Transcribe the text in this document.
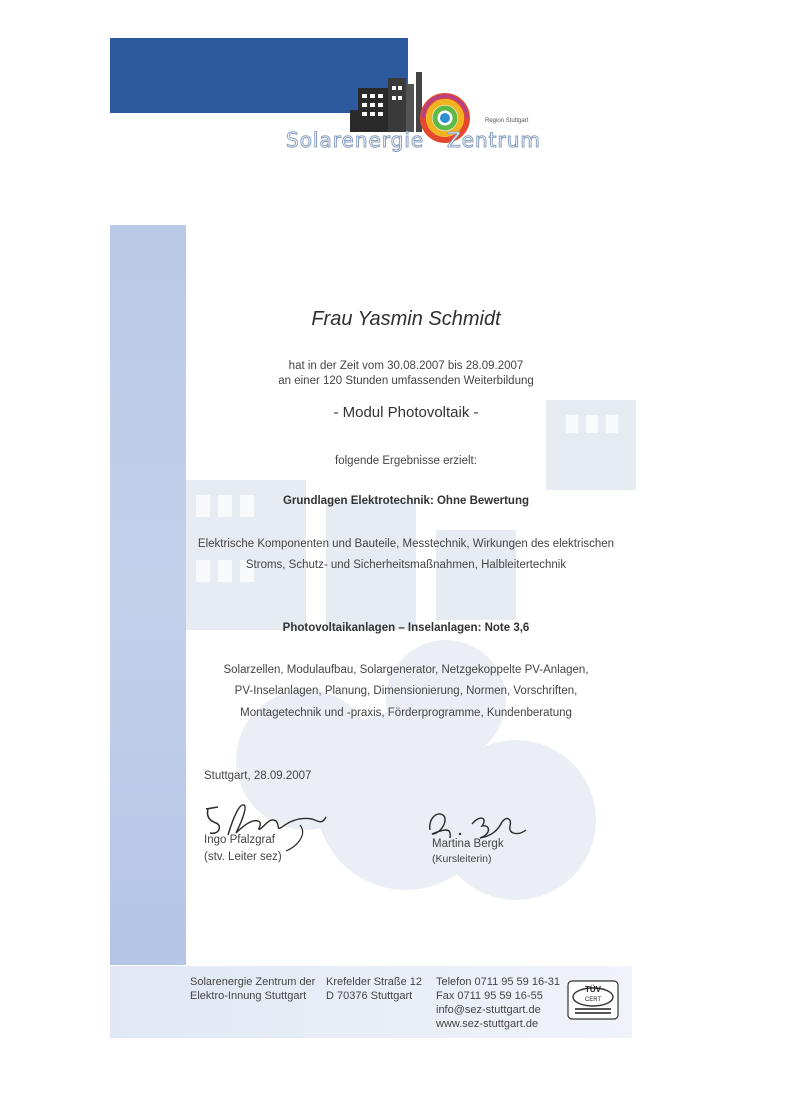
Region Stuttgart
Solarenergie Zentrum
Frau Yasmin Schmidt
hat in der Zeit vom 30.08.2007 bis 28.09.2007
an einer 120 Stunden umfassenden Weiterbildung
- Modul Photovoltaik -
folgende Ergebnisse erzielt:
Grundlagen Elektrotechnik: Ohne Bewertung
Elektrische Komponenten und Bauteile, Messtechnik, Wirkungen des elektrischen
Stroms, Schutz- und Sicherheitsmaßnahmen, Halbleitertechnik
Photovoltaikanlagen – Inselanlagen: Note 3,6
Solarzellen, Modulaufbau, Solargenerator, Netzgekoppelte PV-Anlagen,
PV-Inselanlagen, Planung, Dimensionierung, Normen, Vorschriften,
Montagetechnik und -praxis, Förderprogramme, Kundenberatung
Stuttgart, 28.09.2007
Ingo Pfalzgraf
(stv. Leiter sez)
Martina Bergk
(Kursleiterin)
Solarenergie Zentrum der
Elektro-Innung Stuttgart
Krefelder Straße 12
D 70376 Stuttgart
Telefon 0711 95 59 16-31
Fax 0711 95 59 16-55
info@sez-stuttgart.de
www.sez-stuttgart.de
TÜV
CERT
